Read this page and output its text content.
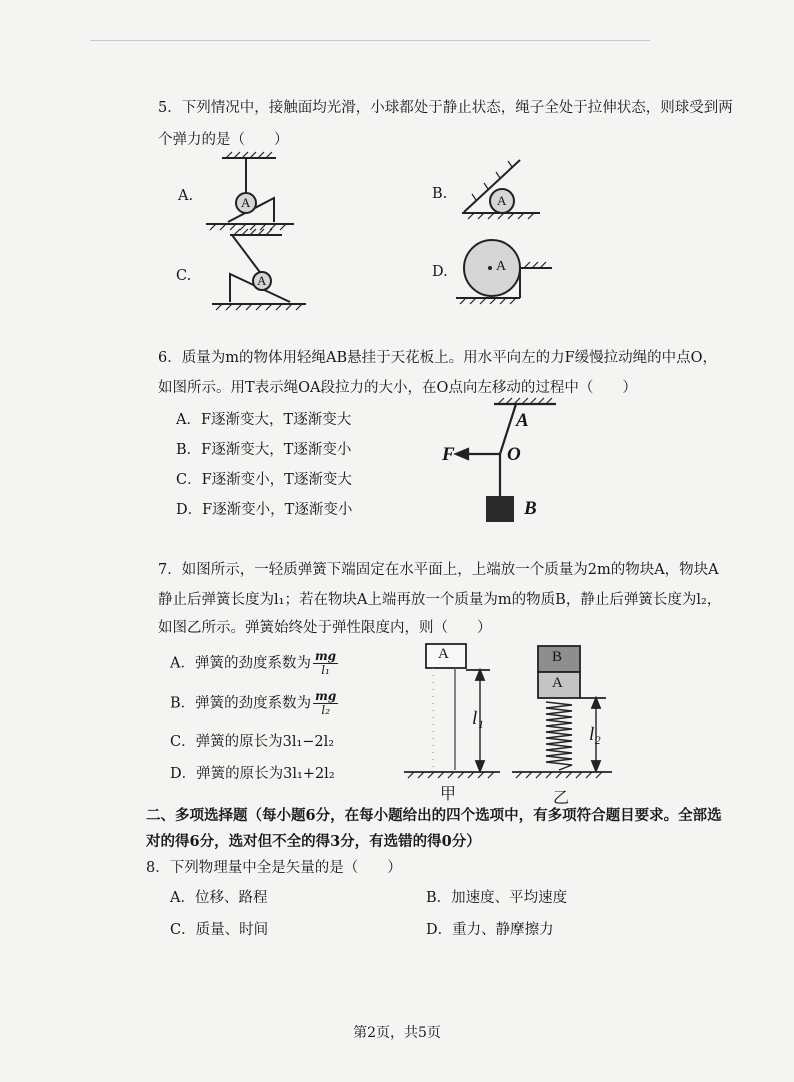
5．下列情况中，接触面均光滑，小球都处于静止状态，绳子全处于拉伸状态，则球受到两
个弹力的是（　　）
A.	B.
C.	D.
A	A
A
A
6．质量为m的物体用轻绳AB悬挂于天花板上。用水平向左的力F缓慢拉动绳的中点O，
如图所示。用T表示绳OA段拉力的大小，在O点向左移动的过程中（　　）
A．F逐渐变大，T逐渐变大
B．F逐渐变大，T逐渐变小
C．F逐渐变小，T逐渐变大
D．F逐渐变小，T逐渐变小
A
O
F
B
7．如图所示，一轻质弹簧下端固定在水平面上，上端放一个质量为2m的物块A，物块A
静止后弹簧长度为l₁；若在物块A上端再放一个质量为m的物质B，静止后弹簧长度为l₂，
如图乙所示。弹簧始终处于弹性限度内，则（　　）
A．弹簧的劲度系数为 $\frac{mg}{\text{l₁}}$
B．弹簧的劲度系数为 $\frac{mg}{\text{l₂}}$
C．弹簧的原长为3l₁−2l₂
D．弹簧的原长为3l₁+2l₂
A	B
A
l₁
l₂
甲	乙
二、多项选择题（每小题6分，在每小题给出的四个选项中，有多项符合题目要求。全部选
对的得6分，选对但不全的得3分，有选错的得0分）
8．下列物理量中全是矢量的是（　　）
A．位移、路程	B．加速度、平均速度
C．质量、时间	D．重力、静摩擦力
第2页，共5页
